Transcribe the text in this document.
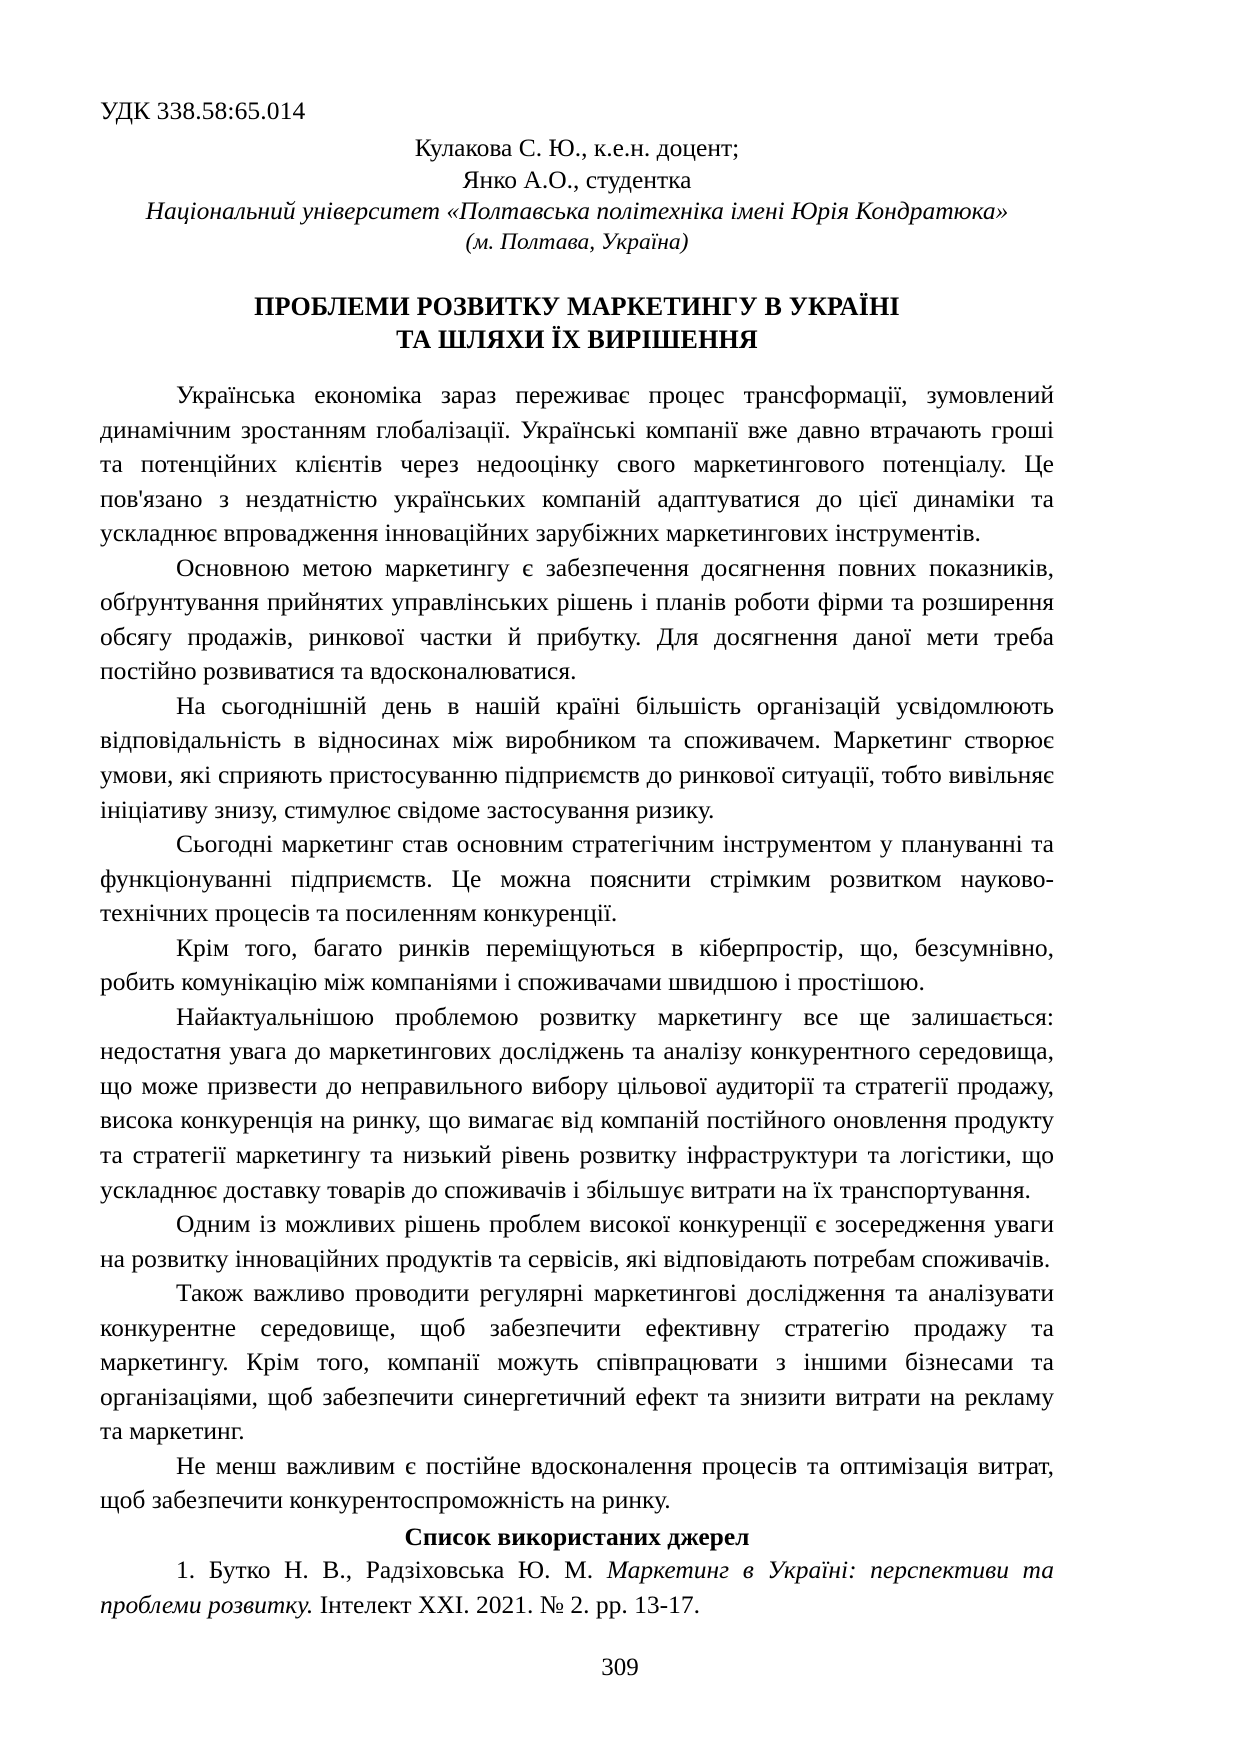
УДК 338.58:65.014

Кулакова С. Ю., к.е.н. доцент;

Янко А.О., студентка

Національний університет «Полтавська політехніка імені Юрія Кондратюка»

(м. Полтава, Україна)

ПРОБЛЕМИ РОЗВИТКУ МАРКЕТИНГУ В УКРАЇНІ
ТА ШЛЯХИ ЇХ ВИРІШЕННЯ

Українська економіка зараз переживає процес трансформації, зумовлений динамічним зростанням глобалізації. Українські компанії вже давно втрачають гроші та потенційних клієнтів через недооцінку свого маркетингового потенціалу. Це пов'язано з нездатністю українських компаній адаптуватися до цієї динаміки та ускладнює впровадження інноваційних зарубіжних маркетингових інструментів.

Основною метою маркетингу є забезпечення досягнення повних показників, обґрунтування прийнятих управлінських рішень і планів роботи фірми та розширення обсягу продажів, ринкової частки й прибутку. Для досягнення даної мети треба постійно розвиватися та вдосконалюватися.

На сьогоднішній день в нашій країні більшість організацій усвідомлюють відповідальність в відносинах між виробником та споживачем. Маркетинг створює умови, які сприяють пристосуванню підприємств до ринкової ситуації, тобто вивільняє ініціативу знизу, стимулює свідоме застосування ризику.

Сьогодні маркетинг став основним стратегічним інструментом у плануванні та функціонуванні підприємств. Це можна пояснити стрімким розвитком науково-технічних процесів та посиленням конкуренції.

Крім того, багато ринків переміщуються в кіберпростір, що, безсумнівно, робить комунікацію між компаніями і споживачами швидшою і простішою.

Найактуальнішою проблемою розвитку маркетингу все ще залишається: недостатня увага до маркетингових досліджень та аналізу конкурентного середовища, що може призвести до неправильного вибору цільової аудиторії та стратегії продажу, висока конкуренція на ринку, що вимагає від компаній постійного оновлення продукту та стратегії маркетингу та низький рівень розвитку інфраструктури та логістики, що ускладнює доставку товарів до споживачів і збільшує витрати на їх транспортування.

Одним із можливих рішень проблем високої конкуренції є зосередження уваги на розвитку інноваційних продуктів та сервісів, які відповідають потребам споживачів.

Також важливо проводити регулярні маркетингові дослідження та аналізувати конкурентне середовище, щоб забезпечити ефективну стратегію продажу та маркетингу. Крім того, компанії можуть співпрацювати з іншими бізнесами та організаціями, щоб забезпечити синергетичний ефект та знизити витрати на рекламу та маркетинг.

Не менш важливим є постійне вдосконалення процесів та оптимізація витрат, щоб забезпечити конкурентоспроможність на ринку.

Список використаних джерел

1. Бутко Н. В., Радзіховська Ю. М. Маркетинг в Україні: перспективи та проблеми розвитку. Інтелект XXI. 2021. № 2. pp. 13-17.

309
